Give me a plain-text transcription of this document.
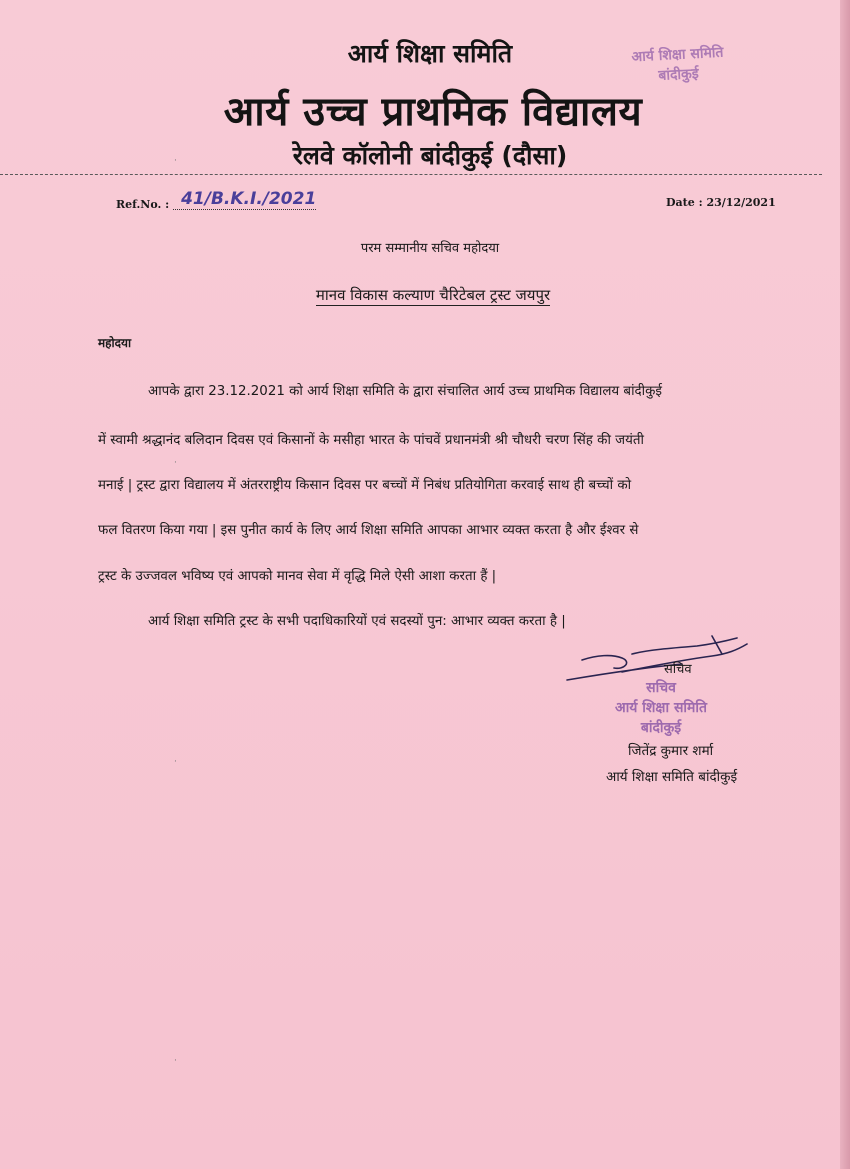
आर्य शिक्षा समिति
आर्य उच्च प्राथमिक विद्यालय
रेलवे कॉलोनी बांदीकुई (दौसा)
आर्य शिक्षा समिति
बांदीकुई
Ref.No. : 41/B.K.I./2021	Date : 23/12/2021
परम सम्मानीय सचिव महोदया
मानव विकास कल्याण चैरिटेबल ट्रस्ट जयपुर
महोदया
आपके द्वारा 23.12.2021 को आर्य शिक्षा समिति के द्वारा संचालित आर्य उच्च प्राथमिक विद्यालय बांदीकुई
में स्वामी श्रद्धानंद बलिदान दिवस एवं किसानों के मसीहा भारत के पांचवें प्रधानमंत्री श्री चौधरी चरण सिंह की जयंती
मनाई | ट्रस्ट द्वारा विद्यालय में अंतरराष्ट्रीय किसान दिवस पर बच्चों में निबंध प्रतियोगिता करवाई साथ ही बच्चों को
फल वितरण किया गया | इस पुनीत कार्य के लिए आर्य शिक्षा समिति आपका आभार व्यक्त करता है और ईश्वर से
ट्रस्ट के उज्जवल भविष्य एवं आपको मानव सेवा में वृद्धि मिले ऐसी आशा करता हैं |
आर्य शिक्षा समिति ट्रस्ट के सभी पदाधिकारियों एवं सदस्यों पुन: आभार व्यक्त करता है |
सचिव
सचिव
आर्य शिक्षा समिति
बांदीकुई
जितेंद्र कुमार शर्मा
आर्य शिक्षा समिति बांदीकुई
·
·
·
·
